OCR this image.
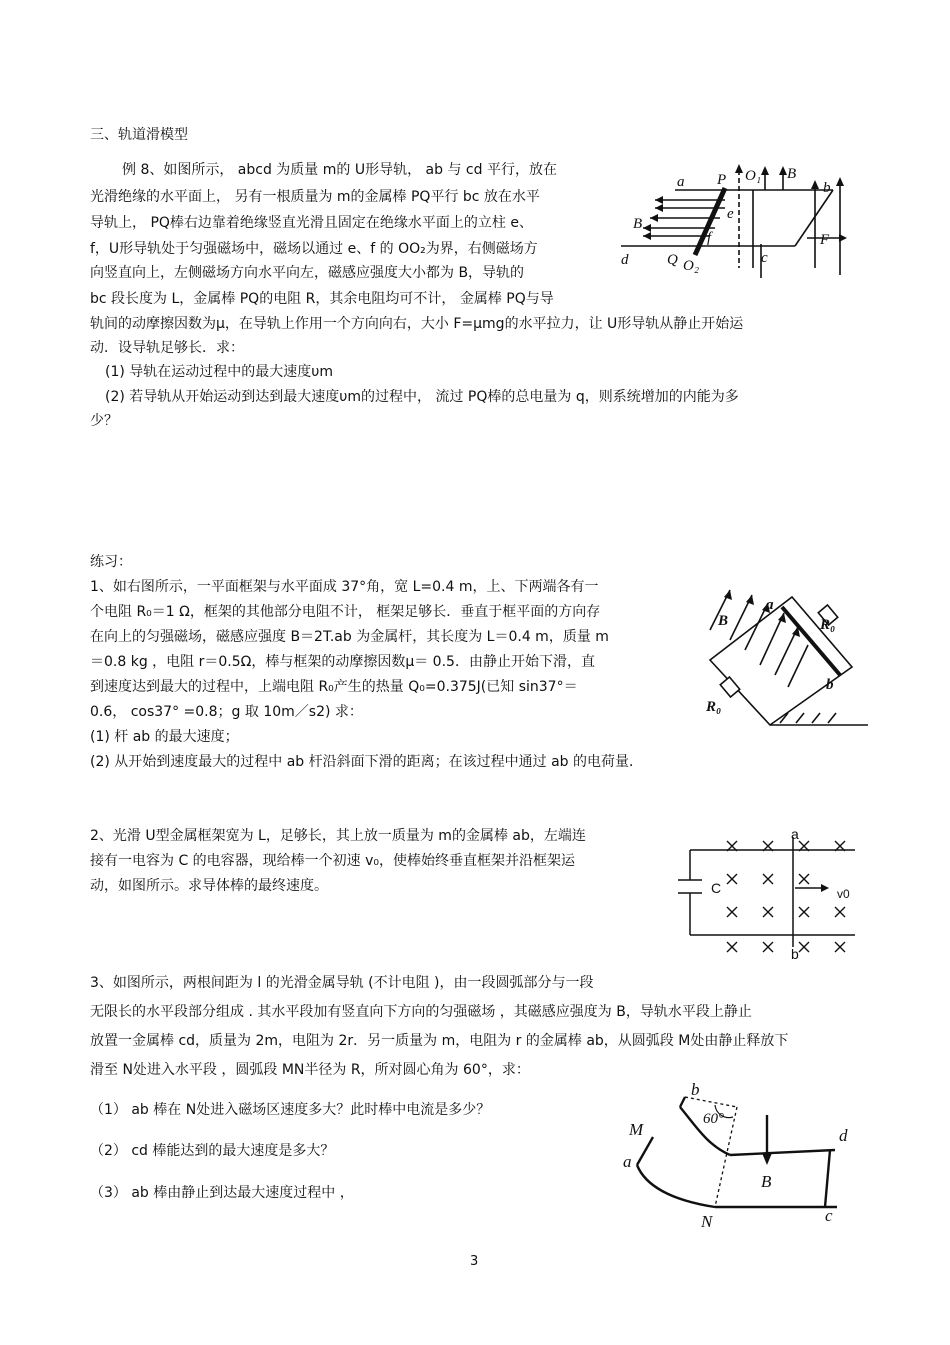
三、轨道滑模型
例 8、如图所示， abcd 为质量 m的 U形导轨， ab 与 cd 平行，放在
光滑绝缘的水平面上， 另有一根质量为 m的金属棒 PQ平行 bc 放在水平
导轨上， PQ棒右边靠着绝缘竖直光滑且固定在绝缘水平面上的立柱 e、
f，U形导轨处于匀强磁场中，磁场以通过 e、f 的 OO₂为界，右侧磁场方
向竖直向上，左侧磁场方向水平向左，磁感应强度大小都为 B，导轨的
bc 段长度为 L，金属棒 PQ的电阻 R，其余电阻均可不计， 金属棒 PQ与导
轨间的动摩擦因数为μ，在导轨上作用一个方向向右，大小 F=μmg的水平拉力，让 U形导轨从静止开始运
动．设导轨足够长．求：
(1) 导轨在运动过程中的最大速度υm
(2) 若导轨从开始运动到达到最大速度υm的过程中， 流过 PQ棒的总电量为 q，则系统增加的内能为多
少？
a P O₁ B
b
B
e
f	F
d	Q O₂	c
练习：
1、如右图所示，一平面框架与水平面成 37°角，宽 L=0.4 m，上、下两端各有一
个电阻 R₀＝1 Ω，框架的其他部分电阻不计， 框架足够长．垂直于框平面的方向存
在向上的匀强磁场，磁感应强度 B＝2T.ab 为金属杆，其长度为 L＝0.4 m，质量 m
＝0.8 kg ，电阻 r＝0.5Ω，棒与框架的动摩擦因数μ＝ 0.5．由静止开始下滑，直
到速度达到最大的过程中，上端电阻 R₀产生的热量 Q₀=0.375J(已知 sin37°＝
0.6， cos37° =0.8；g 取 10m／s2) 求：
(1) 杆 ab 的最大速度；
(2) 从开始到速度最大的过程中 ab 杆沿斜面下滑的距离；在该过程中通过 ab 的电荷量．
B
a
R₀
b
R₀
2、光滑 U型金属框架宽为 L，足够长，其上放一质量为 m的金属棒 ab，左端连
接有一电容为 C 的电容器，现给棒一个初速 v₀，使棒始终垂直框架并沿框架运
动，如图所示。求导体棒的最终速度。
a
C	v0
b
3、如图所示，两根间距为 l 的光滑金属导轨 (不计电阻 )，由一段圆弧部分与一段
无限长的水平段部分组成 . 其水平段加有竖直向下方向的匀强磁场 ，其磁感应强度为 B，导轨水平段上静止
放置一金属棒 cd，质量为 2m，电阻为 2r．另一质量为 m，电阻为 r 的金属棒 ab，从圆弧段 M处由静止释放下
滑至 N处进入水平段 ，圆弧段 MN半径为 R，所对圆心角为 60°，求：
（1） ab 棒在 N处进入磁场区速度多大？此时棒中电流是多少？
（2） cd 棒能达到的最大速度是多大？
（3） ab 棒由静止到达最大速度过程中 ，
b
60°
M	d
a
B
N	c
3
